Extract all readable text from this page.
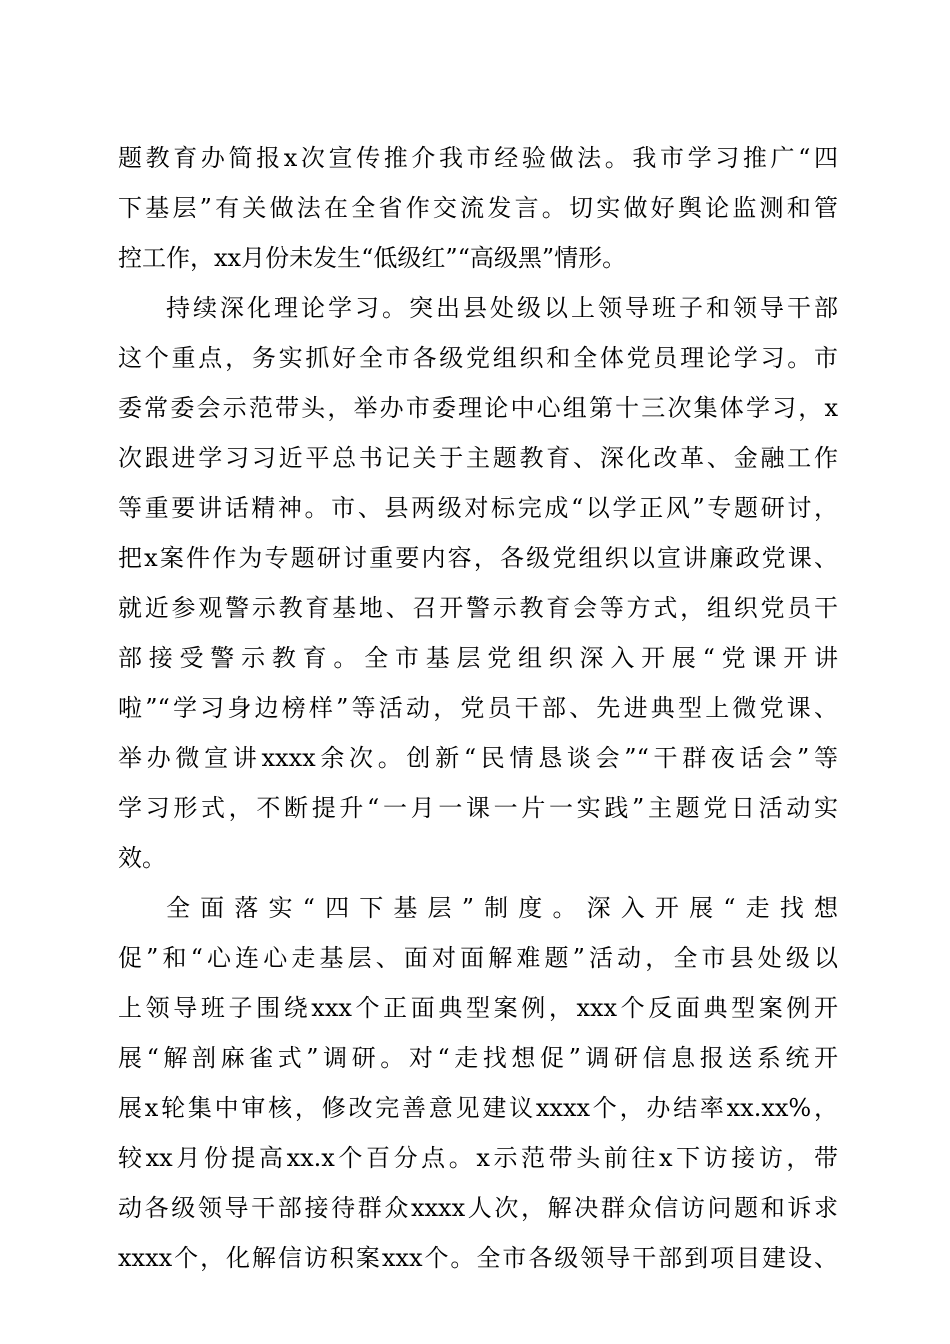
题教育办简报x次宣传推介我市经验做法。我市学习推广“四
下基层”有关做法在全省作交流发言。切实做好舆论监测和管
控工作，xx月份未发生“低级红”“高级黑”情形。
持续深化理论学习。突出县处级以上领导班子和领导干部
这个重点，务实抓好全市各级党组织和全体党员理论学习。市
委常委会示范带头，举办市委理论中心组第十三次集体学习，x
次跟进学习习近平总书记关于主题教育、深化改革、金融工作
等重要讲话精神。市、县两级对标完成“以学正风”专题研讨，
把x案件作为专题研讨重要内容，各级党组织以宣讲廉政党课、
就近参观警示教育基地、召开警示教育会等方式，组织党员干
部接受警示教育。全市基层党组织深入开展“党课开讲
啦”“学习身边榜样”等活动，党员干部、先进典型上微党课、
举办微宣讲xxxx余次。创新“民情恳谈会”“干群夜话会”等
学习形式，不断提升“一月一课一片一实践”主题党日活动实
效。
全面落实“四下基层”制度。深入开展“走找想
促”和“心连心走基层、面对面解难题”活动，全市县处级以
上领导班子围绕xxx个正面典型案例，xxx个反面典型案例开
展“解剖麻雀式”调研。对“走找想促”调研信息报送系统开
展x轮集中审核，修改完善意见建议xxxx个，办结率xx.xx%，
较xx月份提高xx.x个百分点。x示范带头前往x下访接访，带
动各级领导干部接待群众xxxx人次，解决群众信访问题和诉求
xxxx个，化解信访积案xxx个。全市各级领导干部到项目建设、
